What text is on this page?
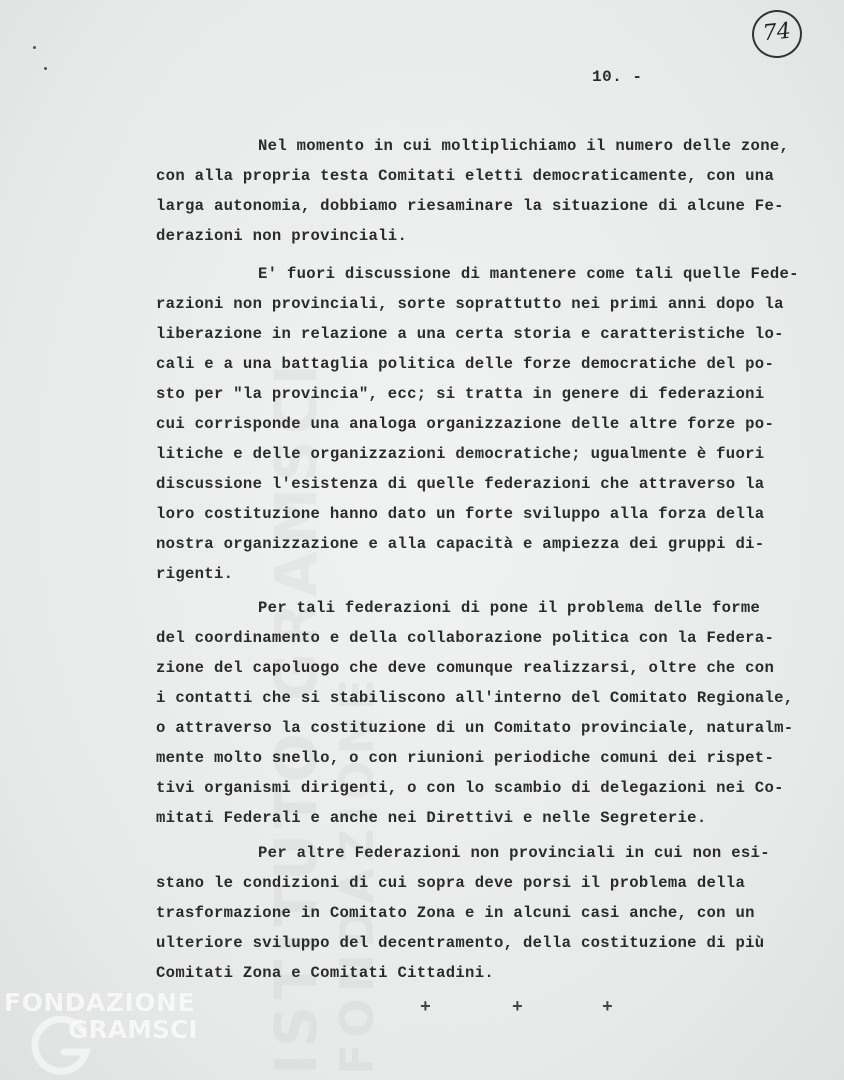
74
10. -
Nel momento in cui moltiplichiamo il numero delle zone,
con alla propria testa Comitati eletti democraticamente, con una
larga autonomia, dobbiamo riesaminare la situazione di alcune Fe-
derazioni non provinciali.
E' fuori discussione di mantenere come tali quelle Fede-
razioni non provinciali, sorte soprattutto nei primi anni dopo la
liberazione in relazione a una certa storia e caratteristiche lo-
cali e a una battaglia politica delle forze democratiche del po-
sto per "la provincia", ecc; si tratta in genere di federazioni
cui corrisponde una analoga organizzazione delle altre forze po-
litiche e delle organizzazioni democratiche; ugualmente è fuori
discussione l'esistenza di quelle federazioni che attraverso la
loro costituzione hanno dato un forte sviluppo alla forza della
nostra organizzazione e alla capacità e ampiezza dei gruppi di-
rigenti.
Per tali federazioni di pone il problema delle forme
del coordinamento e della collaborazione politica con la Federa-
zione del capoluogo che deve comunque realizzarsi, oltre che con
i contatti che si stabiliscono all'interno del Comitato Regionale,
o attraverso la costituzione di un Comitato provinciale, naturalm-
mente molto snello, o con riunioni periodiche comuni dei rispet-
tivi organismi dirigenti, o con lo scambio di delegazioni nei Co-
mitati Federali e anche nei Direttivi e nelle Segreterie.
Per altre Federazioni non provinciali in cui non esi-
stano le condizioni di cui sopra deve porsi il problema della
trasformazione in Comitato Zona e in alcuni casi anche, con un
ulteriore sviluppo del decentramento, della costituzione di più
Comitati Zona e Comitati Cittadini.
+	+	+
FONDAZIONE
GRAMSCI
